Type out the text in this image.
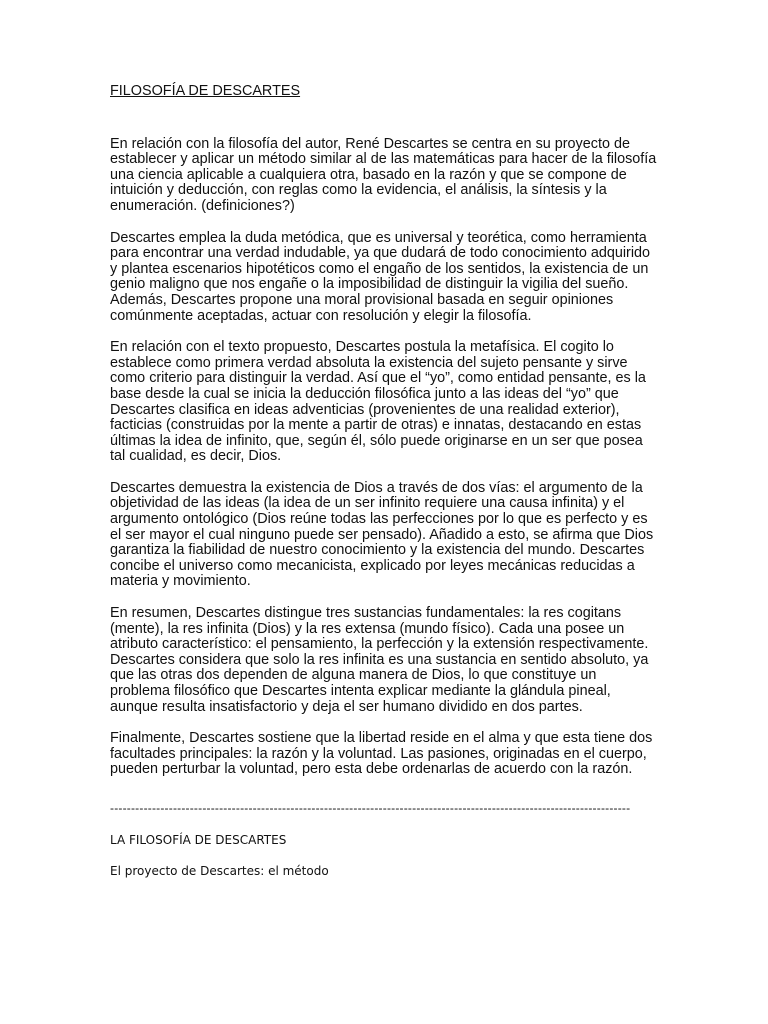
FILOSOFÍA DE DESCARTES

En relación con la filosofía del autor, René Descartes se centra en su proyecto de establecer y aplicar un método similar al de las matemáticas para hacer de la filosofía una ciencia aplicable a cualquiera otra, basado en la razón y que se compone de intuición y deducción, con reglas como la evidencia, el análisis, la síntesis y la enumeración. (definiciones?)

Descartes emplea la duda metódica, que es universal y teorética, como herramienta para encontrar una verdad indudable, ya que dudará de todo conocimiento adquirido y plantea escenarios hipotéticos como el engaño de los sentidos, la existencia de un genio maligno que nos engañe o la imposibilidad de distinguir la vigilia del sueño. Además, Descartes propone una moral provisional basada en seguir opiniones comúnmente aceptadas, actuar con resolución y elegir la filosofía.

En relación con el texto propuesto, Descartes postula la metafísica. El cogito lo establece como primera verdad absoluta la existencia del sujeto pensante y sirve como criterio para distinguir la verdad. Así que el “yo”, como entidad pensante, es la base desde la cual se inicia la deducción filosófica junto a las ideas del “yo” que Descartes clasifica en ideas adventicias (provenientes de una realidad exterior), facticias (construidas por la mente a partir de otras) e innatas, destacando en estas últimas la idea de infinito, que, según él, sólo puede originarse en un ser que posea tal cualidad, es decir, Dios.

Descartes demuestra la existencia de Dios a través de dos vías: el argumento de la objetividad de las ideas (la idea de un ser infinito requiere una causa infinita) y el argumento ontológico (Dios reúne todas las perfecciones por lo que es perfecto y es el ser mayor el cual ninguno puede ser pensado). Añadido a esto, se afirma que Dios garantiza la fiabilidad de nuestro conocimiento y la existencia del mundo. Descartes concibe el universo como mecanicista, explicado por leyes mecánicas reducidas a materia y movimiento.

En resumen, Descartes distingue tres sustancias fundamentales: la res cogitans (mente), la res infinita (Dios) y la res extensa (mundo físico). Cada una posee un atributo característico: el pensamiento, la perfección y la extensión respectivamente. Descartes considera que solo la res infinita es una sustancia en sentido absoluto, ya que las otras dos dependen de alguna manera de Dios, lo que constituye un problema filosófico que Descartes intenta explicar mediante la glándula pineal, aunque resulta insatisfactorio y deja el ser humano dividido en dos partes.

Finalmente, Descartes sostiene que la libertad reside en el alma y que esta tiene dos facultades principales: la razón y la voluntad. Las pasiones, originadas en el cuerpo, pueden perturbar la voluntad, pero esta debe ordenarlas de acuerdo con la razón.

----------------------------------------------------------------------------------------------------------------------------
LA FILOSOFÍA DE DESCARTES
El proyecto de Descartes: el método
